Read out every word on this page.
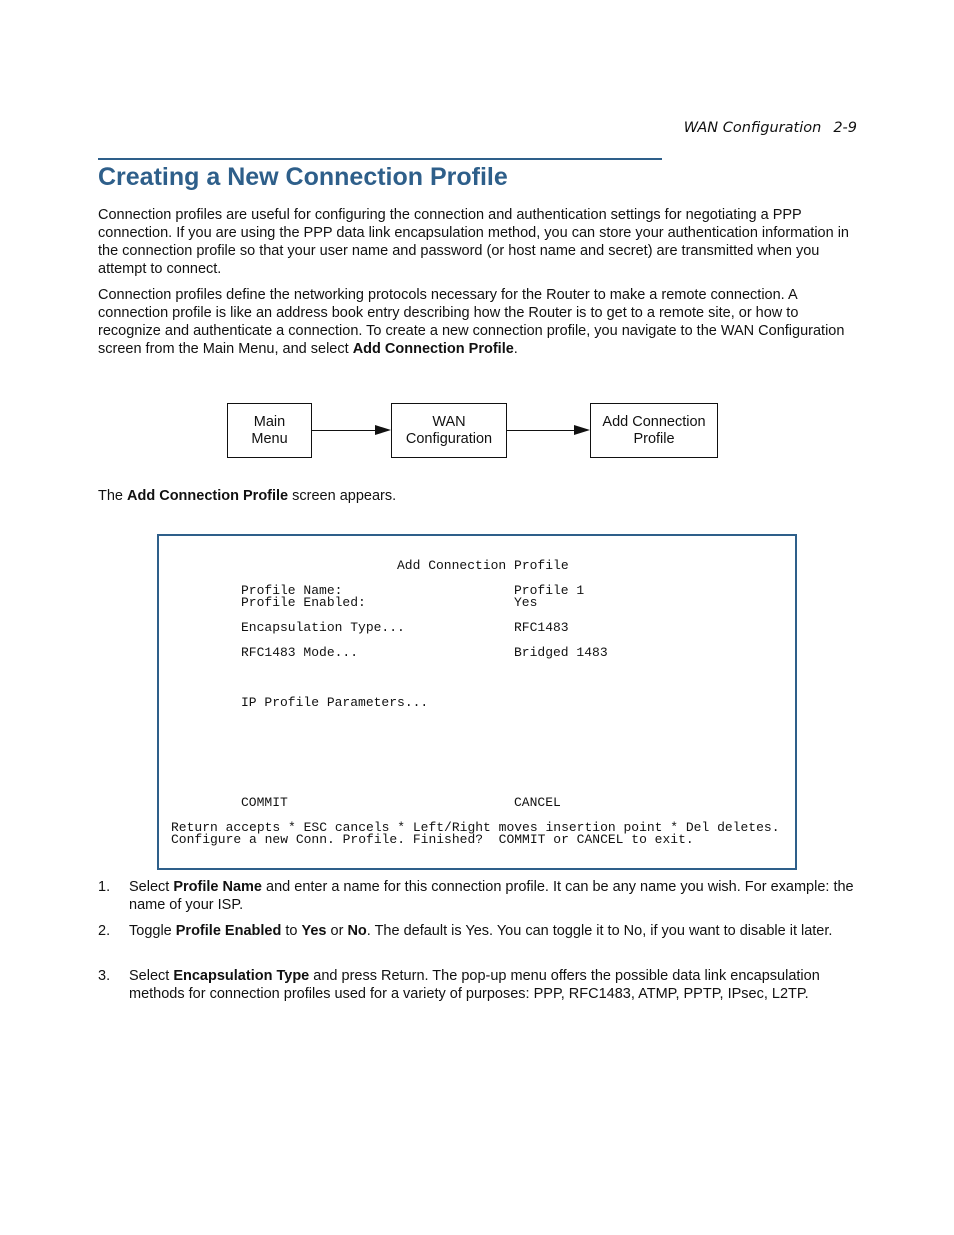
WAN Configuration 2-9
Creating a New Connection Profile

Connection profiles are useful for configuring the connection and authentication settings for negotiating a PPP connection. If you are using the PPP data link encapsulation method, you can store your authentication information in the connection profile so that your user name and password (or host name and secret) are transmitted when you attempt to connect.

Connection profiles define the networking protocols necessary for the Router to make a remote connection. A connection profile is like an address book entry describing how the Router is to get to a remote site, or how to recognize and authenticate a connection. To create a new connection profile, you navigate to the WAN Configuration screen from the Main Menu, and select Add Connection Profile.

Main
Menu
WAN
Configuration
Add Connection
Profile

The Add Connection Profile screen appears.

Add Connection Profile
Profile Name:	Profile 1
Profile Enabled:	Yes
Encapsulation Type...	RFC1483
RFC1483 Mode...	Bridged 1483
IP Profile Parameters...
COMMIT	CANCEL
Return accepts * ESC cancels * Left/Right moves insertion point * Del deletes.
Configure a new Conn. Profile. Finished?  COMMIT or CANCEL to exit.
1. Select Profile Name and enter a name for this connection profile. It can be any name you wish. For example: the name of your ISP.
2. Toggle Profile Enabled to Yes or No. The default is Yes. You can toggle it to No, if you want to disable it later.
3. Select Encapsulation Type and press Return. The pop-up menu offers the possible data link encapsulation methods for connection profiles used for a variety of purposes: PPP, RFC1483, ATMP, PPTP, IPsec, L2TP.
